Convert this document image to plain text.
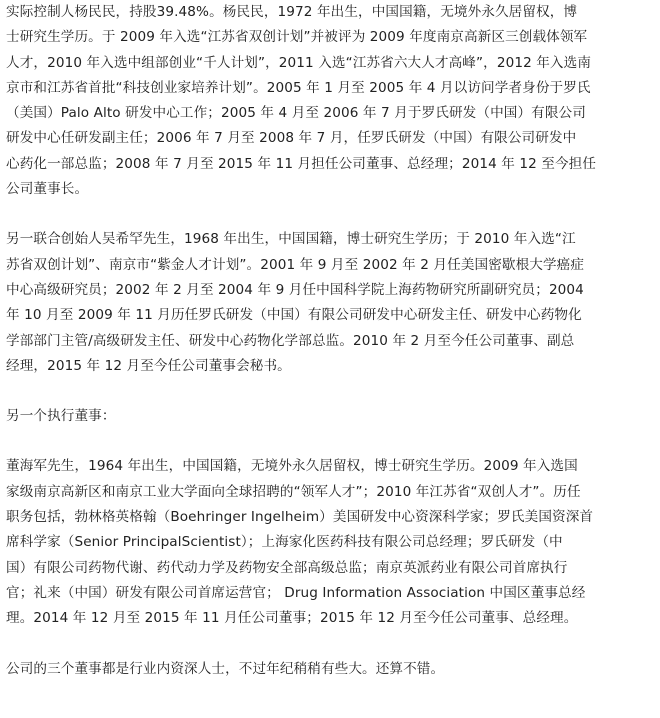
实际控制人杨民民，持股39.48%。杨民民，1972 年出生，中国国籍，无境外永久居留权，博
士研究生学历。于 2009 年入选“江苏省双创计划”并被评为 2009 年度南京高新区三创载体领军
人才，2010 年入选中组部创业“千人计划”，2011 入选“江苏省六大人才高峰”，2012 年入选南
京市和江苏省首批“科技创业家培养计划”。2005 年 1 月至 2005 年 4 月以访问学者身份于罗氏
（美国）Palo Alto 研发中心工作；2005 年 4 月至 2006 年 7 月于罗氏研发（中国）有限公司
研发中心任研发副主任；2006 年 7 月至 2008 年 7 月，任罗氏研发（中国）有限公司研发中
心药化一部总监；2008 年 7 月至 2015 年 11 月担任公司董事、总经理；2014 年 12 至今担任
公司董事长。

另一联合创始人吴希罕先生，1968 年出生，中国国籍，博士研究生学历；于 2010 年入选“江
苏省双创计划”、南京市“紫金人才计划”。2001 年 9 月至 2002 年 2 月任美国密歇根大学癌症
中心高级研究员；2002 年 2 月至 2004 年 9 月任中国科学院上海药物研究所副研究员；2004
年 10 月至 2009 年 11 月历任罗氏研发（中国）有限公司研发中心研发主任、研发中心药物化
学部部门主管/高级研发主任、研发中心药物化学部总监。2010 年 2 月至今任公司董事、副总
经理，2015 年 12 月至今任公司董事会秘书。

另一个执行董事：

董海军先生，1964 年出生，中国国籍，无境外永久居留权，博士研究生学历。2009 年入选国
家级南京高新区和南京工业大学面向全球招聘的“领军人才”；2010 年江苏省“双创人才”。历任
职务包括，勃林格英格翰（Boehringer Ingelheim）美国研发中心资深科学家；罗氏美国资深首
席科学家（Senior PrincipalScientist）；上海家化医药科技有限公司总经理；罗氏研发（中
国）有限公司药物代谢、药代动力学及药物安全部高级总监；南京英派药业有限公司首席执行
官；礼来（中国）研发有限公司首席运营官； Drug Information Association 中国区董事总经
理。2014 年 12 月至 2015 年 11 月任公司董事；2015 年 12 月至今任公司董事、总经理。

公司的三个董事都是行业内资深人士，不过年纪稍稍有些大。还算不错。
